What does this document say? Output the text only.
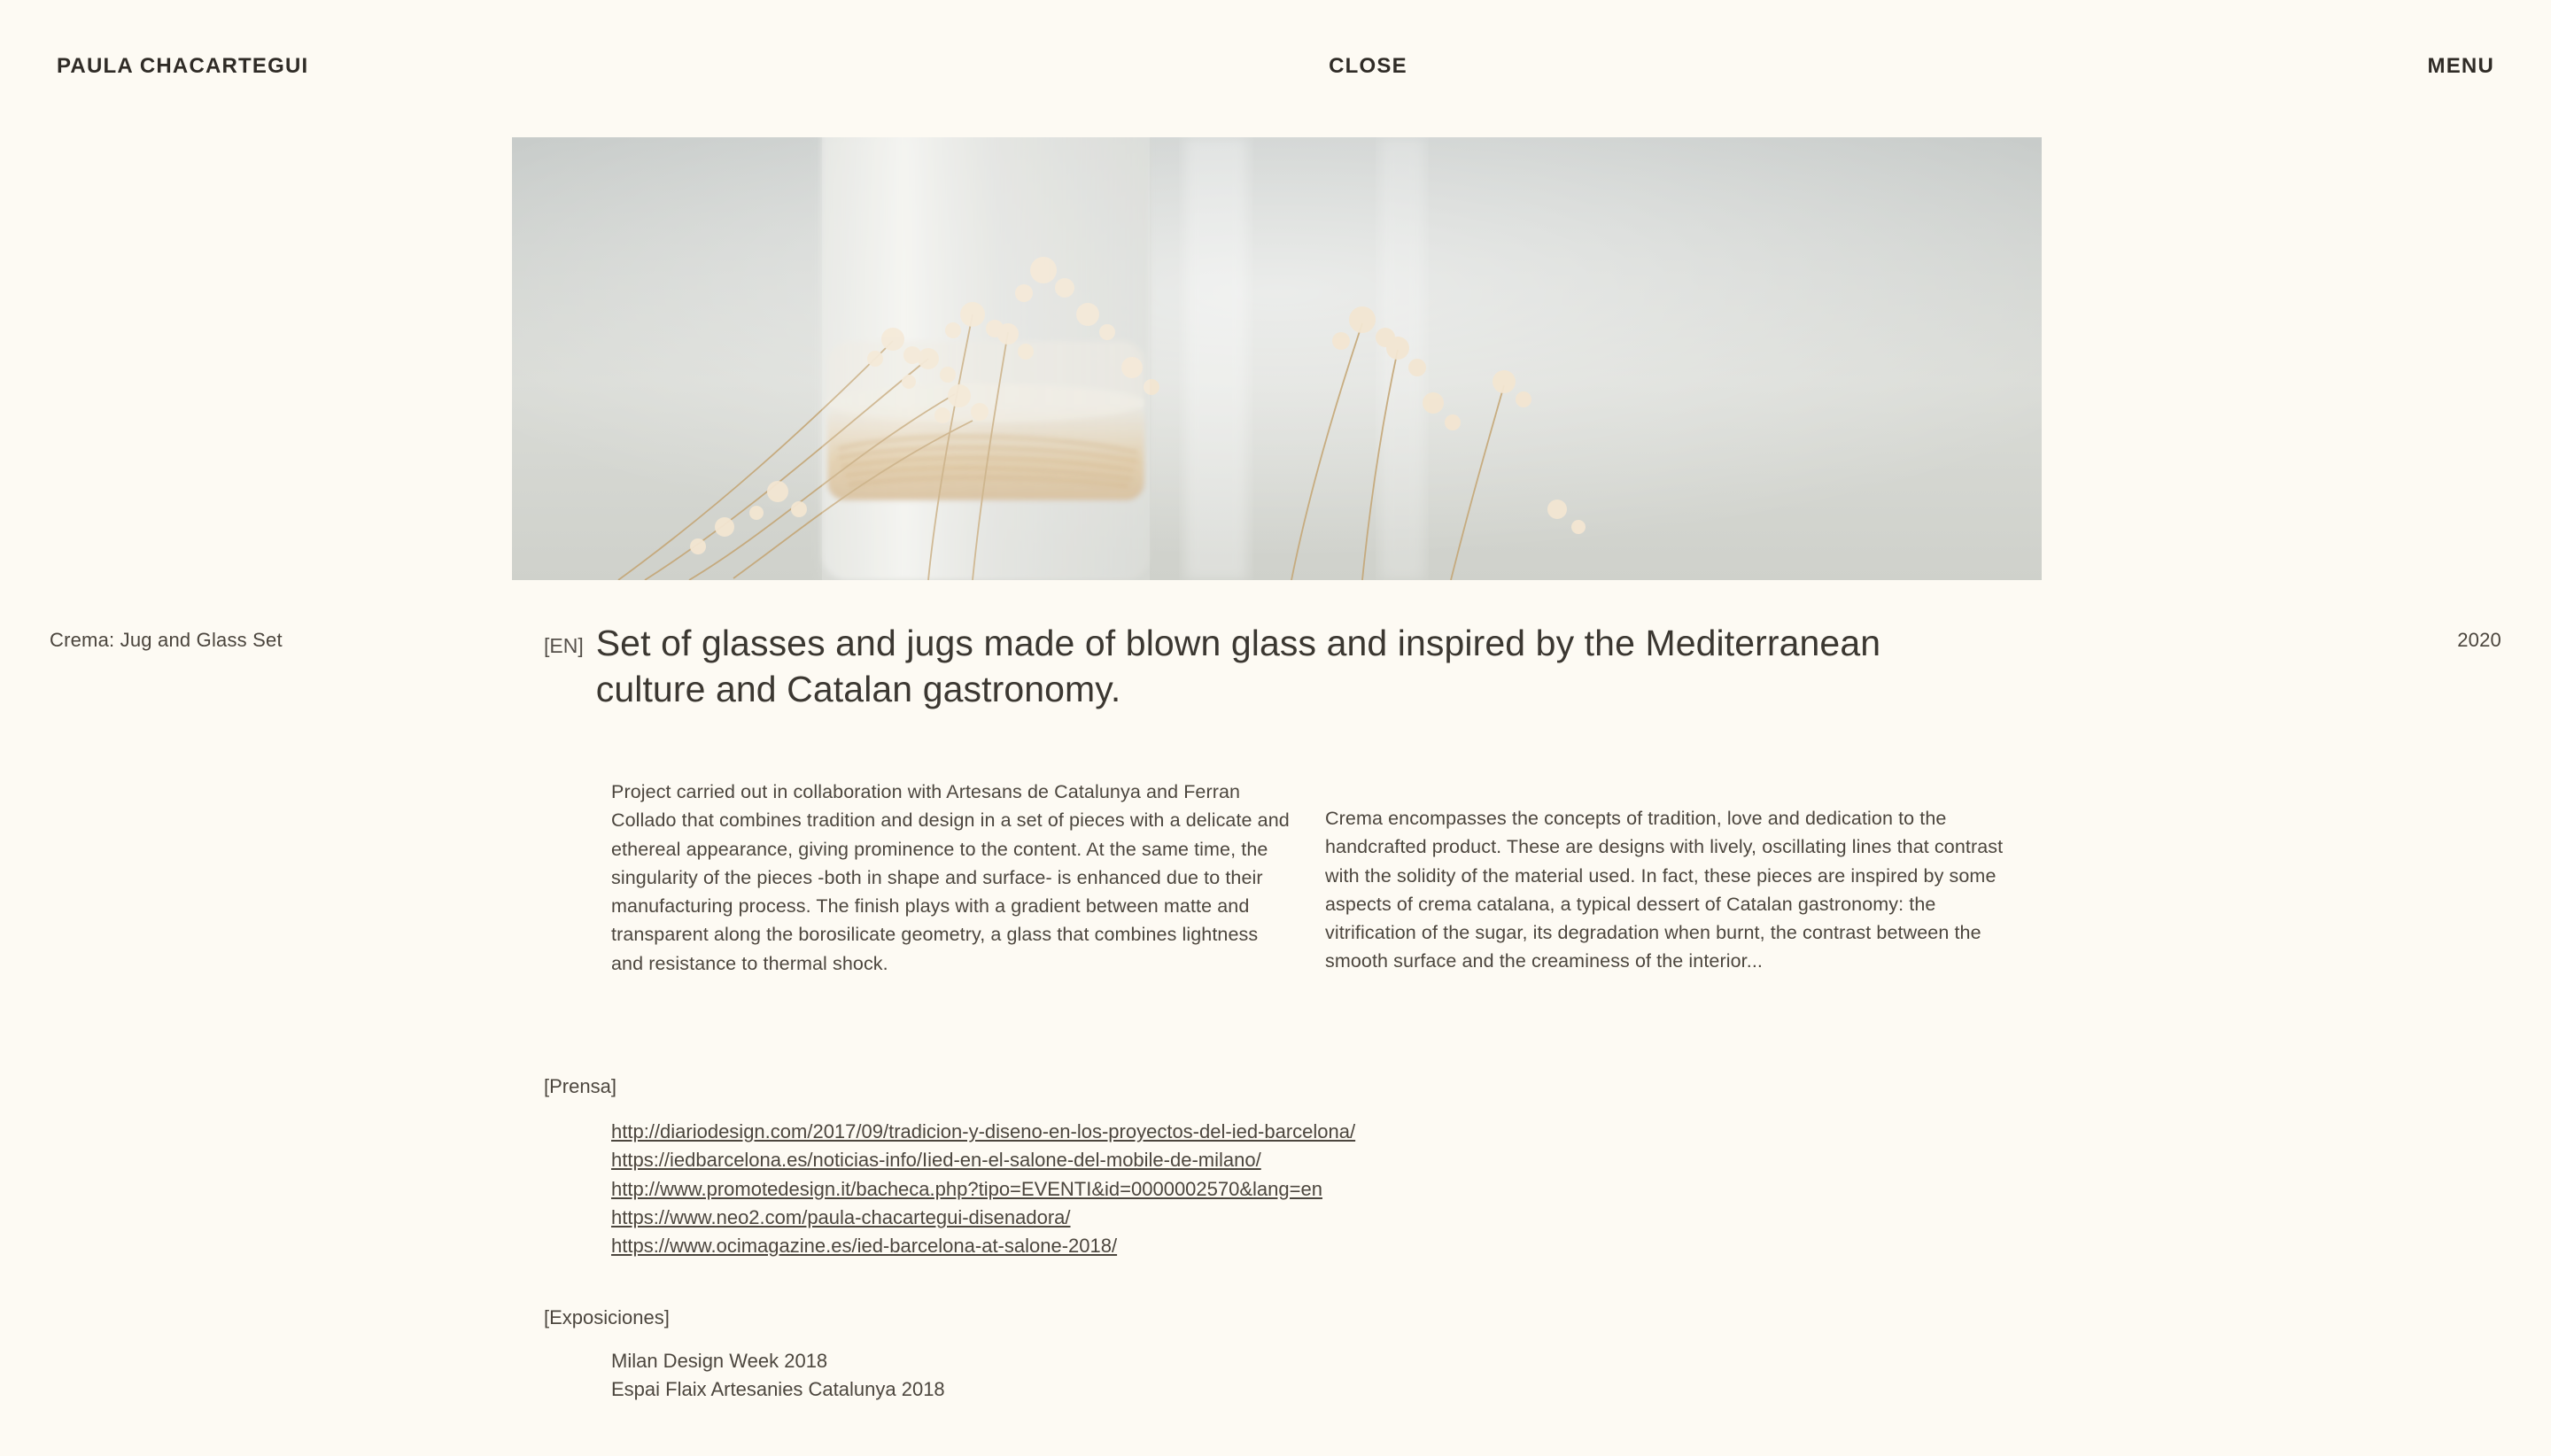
PAULA CHACARTEGUI	CLOSE	MENU
Crema: Jug and Glass Set	2020
[EN] Set of glasses and jugs made of blown glass and inspired by the Mediterranean culture and Catalan gastronomy.
Project carried out in collaboration with Artesans de Catalunya and Ferran Collado that combines tradition and design in a set of pieces with a delicate and ethereal appearance, giving prominence to the content. At the same time, the singularity of the pieces -both in shape and surface- is enhanced due to their manufacturing process. The finish plays with a gradient between matte and transparent along the borosilicate geometry, a glass that combines lightness and resistance to thermal shock.
Crema encompasses the concepts of tradition, love and dedication to the handcrafted product. These are designs with lively, oscillating lines that contrast with the solidity of the material used. In fact, these pieces are inspired by some aspects of crema catalana, a typical dessert of Catalan gastronomy: the vitrification of the sugar, its degradation when burnt, the contrast between the smooth surface and the creaminess of the interior...
[Prensa]
http://diariodesign.com/2017/09/tradicion-y-diseno-en-los-proyectos-del-ied-barcelona/
https://iedbarcelona.es/noticias-info/Iied-en-el-salone-del-mobile-de-milano/
http://www.promotedesign.it/bacheca.php?tipo=EVENTI&id=0000002570&lang=en
https://www.neo2.com/paula-chacartegui-disenadora/
https://www.ocimagazine.es/ied-barcelona-at-salone-2018/
[Exposiciones]
Milan Design Week 2018
Espai Flaix Artesanies Catalunya 2018
